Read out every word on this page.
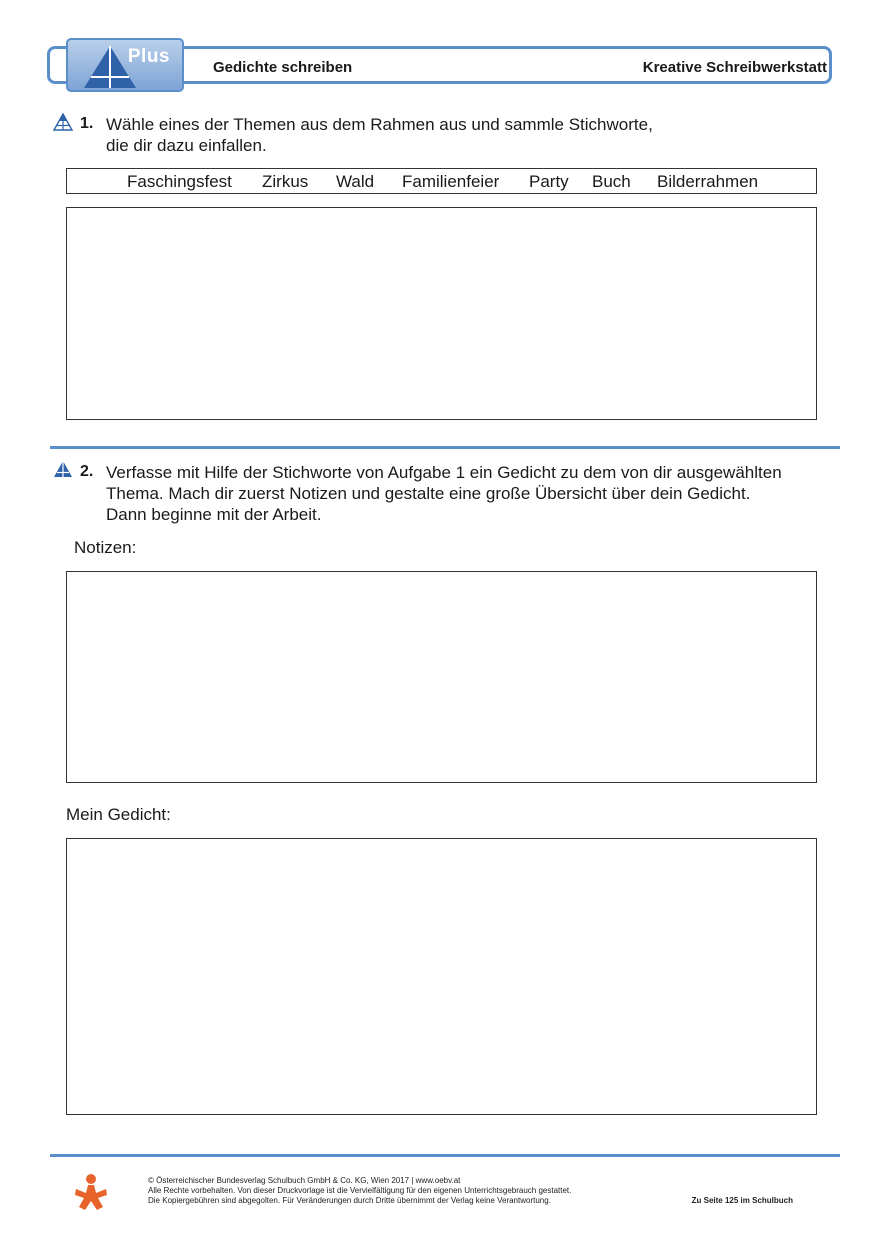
Plus
Gedichte schreiben	Kreative Schreibwerkstatt
1. Wähle eines der Themen aus dem Rahmen aus und sammle Stichworte,
die dir dazu einfallen.
Faschingsfest Zirkus Wald Familienfeier Party Buch Bilderrahmen
2. Verfasse mit Hilfe der Stichworte von Aufgabe 1 ein Gedicht zu dem von dir ausgewählten
Thema. Mach dir zuerst Notizen und gestalte eine große Übersicht über dein Gedicht.
Dann beginne mit der Arbeit.
Notizen:
Mein Gedicht:
© Österreichischer Bundesverlag Schulbuch GmbH & Co. KG, Wien 2017 | www.oebv.at
Alle Rechte vorbehalten. Von dieser Druckvorlage ist die Vervielfältigung für den eigenen Unterrichtsgebrauch gestattet.
Die Kopiergebühren sind abgegolten. Für Veränderungen durch Dritte übernimmt der Verlag keine Verantwortung.	Zu Seite 125 im Schulbuch
